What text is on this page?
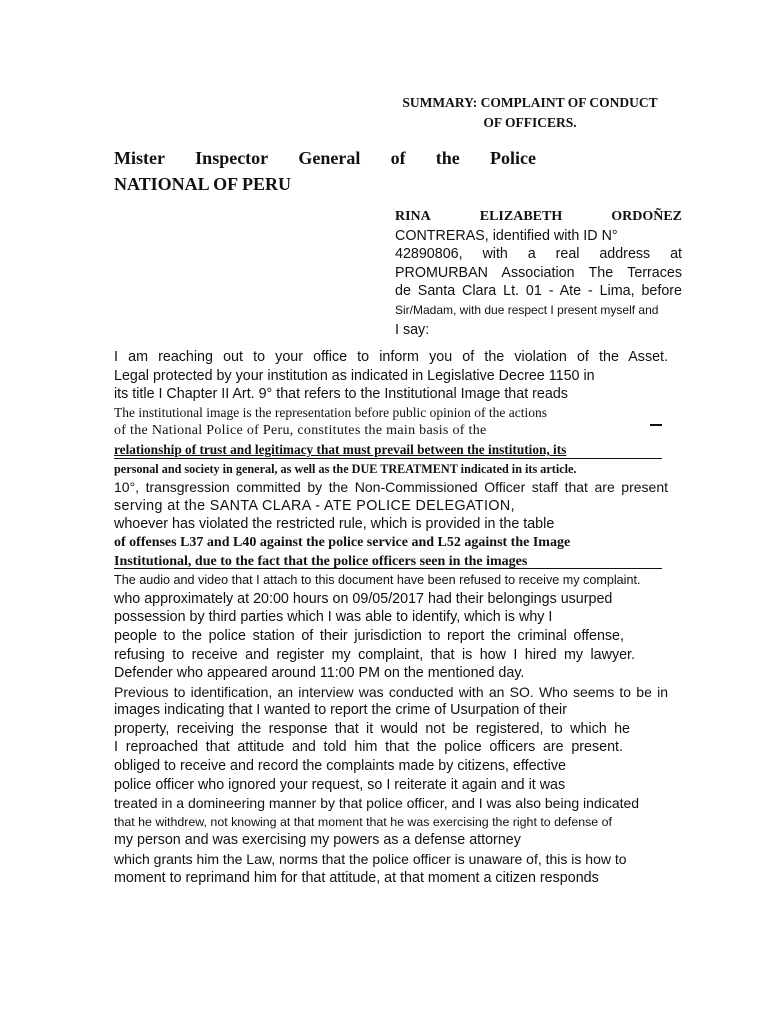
SUMMARY: COMPLAINT OF CONDUCT
OF OFFICERS.
Mister Inspector General of the Police
NATIONAL OF PERU
RINA	ELIZABETH	ORDOÑEZ
CONTRERAS, identified with ID N°
42890806, with a real address at
PROMURBAN Association The Terraces
de Santa Clara Lt. 01 - Ate - Lima, before
Sir/Madam, with due respect I present myself and
I say:
I am reaching out to your office to inform you of the violation of the Asset.
Legal protected by your institution as indicated in Legislative Decree 1150 in
its title I Chapter II Art. 9° that refers to the Institutional Image that reads
The institutional image is the representation before public opinion of the actions
of the National Police of Peru, constitutes the main basis of the
relationship of trust and legitimacy that must prevail between the institution, its
personal and society in general, as well as the DUE TREATMENT indicated in its article.
10°, transgression committed by the Non-Commissioned Officer staff that are present
serving at the SANTA CLARA - ATE POLICE DELEGATION,
whoever has violated the restricted rule, which is provided in the table
of offenses L37 and L40 against the police service and L52 against the Image
Institutional, due to the fact that the police officers seen in the images
The audio and video that I attach to this document have been refused to receive my complaint.
who approximately at 20:00 hours on 09/05/2017 had their belongings usurped
possession by third parties which I was able to identify, which is why I
people to the police station of their jurisdiction to report the criminal offense,
refusing to receive and register my complaint, that is how I hired my lawyer.
Defender who appeared around 11:00 PM on the mentioned day.
Previous to identification, an interview was conducted with an SO. Who seems to be in
images indicating that I wanted to report the crime of Usurpation of their
property, receiving the response that it would not be registered, to which he
I reproached that attitude and told him that the police officers are present.
obliged to receive and record the complaints made by citizens, effective
police officer who ignored your request, so I reiterate it again and it was
treated in a domineering manner by that police officer, and I was also being indicated
that he withdrew, not knowing at that moment that he was exercising the right to defense of
my person and was exercising my powers as a defense attorney
which grants him the Law, norms that the police officer is unaware of, this is how to
moment to reprimand him for that attitude, at that moment a citizen responds
